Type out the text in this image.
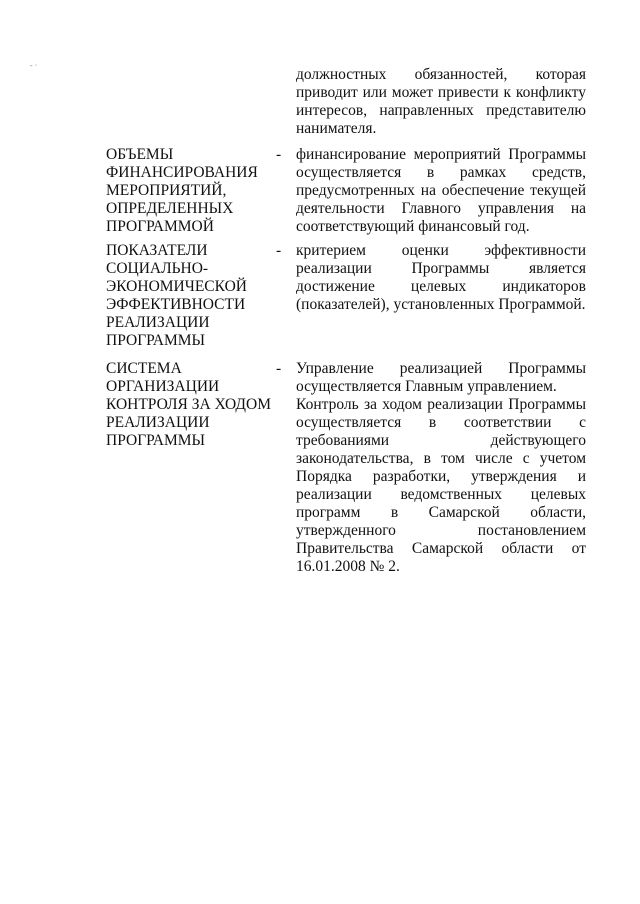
- ·
должностных обязанностей, которая приводит или может привести к конфликту интересов, направленных представителю нанимателя.
ОБЪЕМЫ
ФИНАНСИРОВАНИЯ
МЕРОПРИЯТИЙ,
ОПРЕДЕЛЕННЫХ
ПРОГРАММОЙ
- финансирование мероприятий Программы осуществляется в рамках средств, предусмотренных на обеспечение текущей деятельности Главного управления на соответствующий финансовый год.
ПОКАЗАТЕЛИ
СОЦИАЛЬНО-
ЭКОНОМИЧЕСКОЙ
ЭФФЕКТИВНОСТИ
РЕАЛИЗАЦИИ
ПРОГРАММЫ
- критерием оценки эффективности реализации Программы является достижение целевых индикаторов (показателей), установленных Программой.
СИСТЕМА
ОРГАНИЗАЦИИ
КОНТРОЛЯ ЗА ХОДОМ
РЕАЛИЗАЦИИ
ПРОГРАММЫ
- Управление реализацией Программы осуществляется Главным управлением.
Контроль за ходом реализации Программы осуществляется в соответствии с требованиями действующего законодательства, в том числе с учетом Порядка разработки, утверждения и реализации ведомственных целевых программ в Самарской области, утвержденного постановлением Правительства Самарской области от 16.01.2008 № 2.
